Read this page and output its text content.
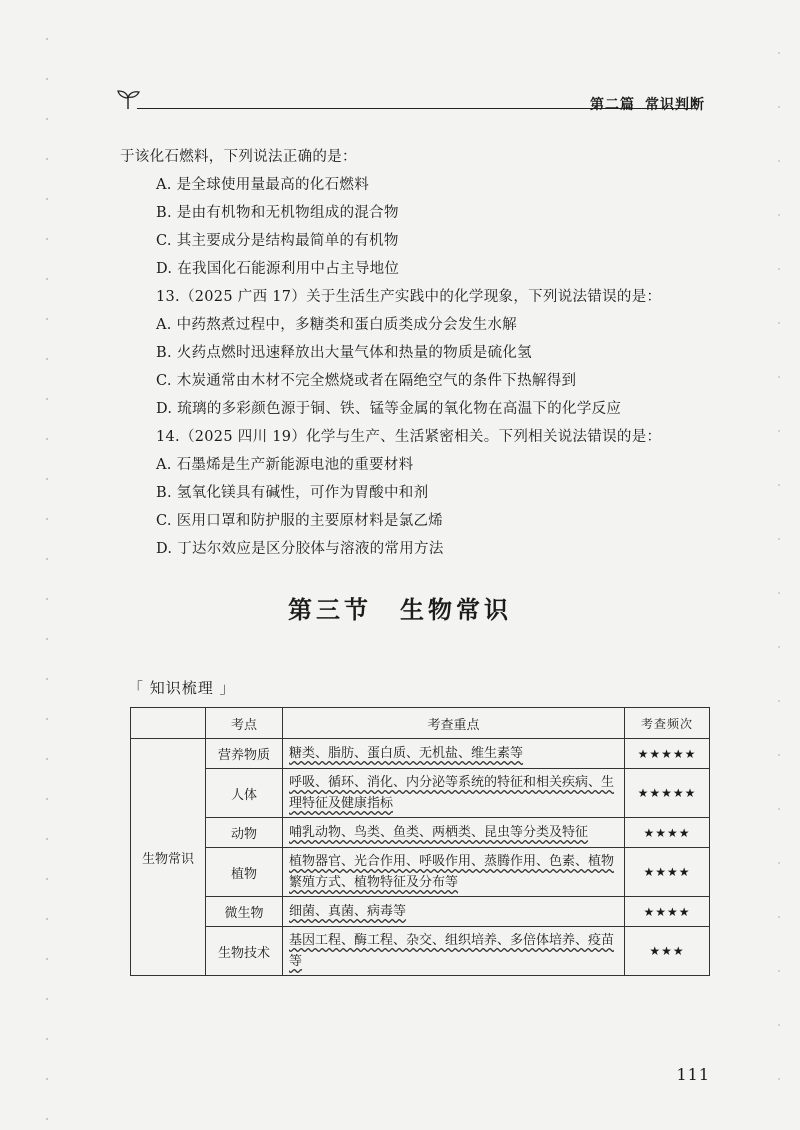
第二篇 常识判断
于该化石燃料，下列说法正确的是：
A. 是全球使用量最高的化石燃料
B. 是由有机物和无机物组成的混合物
C. 其主要成分是结构最简单的有机物
D. 在我国化石能源利用中占主导地位
13.（2025 广西 17）关于生活生产实践中的化学现象，下列说法错误的是：
A. 中药熬煮过程中，多糖类和蛋白质类成分会发生水解
B. 火药点燃时迅速释放出大量气体和热量的物质是硫化氢
C. 木炭通常由木材不完全燃烧或者在隔绝空气的条件下热解得到
D. 琉璃的多彩颜色源于铜、铁、锰等金属的氧化物在高温下的化学反应
14.（2025 四川 19）化学与生产、生活紧密相关。下列相关说法错误的是：
A. 石墨烯是生产新能源电池的重要材料
B. 氢氧化镁具有碱性，可作为胃酸中和剂
C. 医用口罩和防护服的主要原材料是氯乙烯
D. 丁达尔效应是区分胶体与溶液的常用方法
第三节 生物常识
「 知识梳理 」
	考点	考查重点	考查频次
生物常识	营养物质	糖类、脂肪、蛋白质、无机盐、维生素等	★★★★★
	人体	呼吸、循环、消化、内分泌等系统的特征和相关疾病、生理特征及健康指标	★★★★★
	动物	哺乳动物、鸟类、鱼类、两栖类、昆虫等分类及特征	★★★★
	植物	植物器官、光合作用、呼吸作用、蒸腾作用、色素、植物繁殖方式、植物特征及分布等	★★★★
	微生物	细菌、真菌、病毒等	★★★★
	生物技术	基因工程、酶工程、杂交、组织培养、多倍体培养、疫苗等	★★★
111
